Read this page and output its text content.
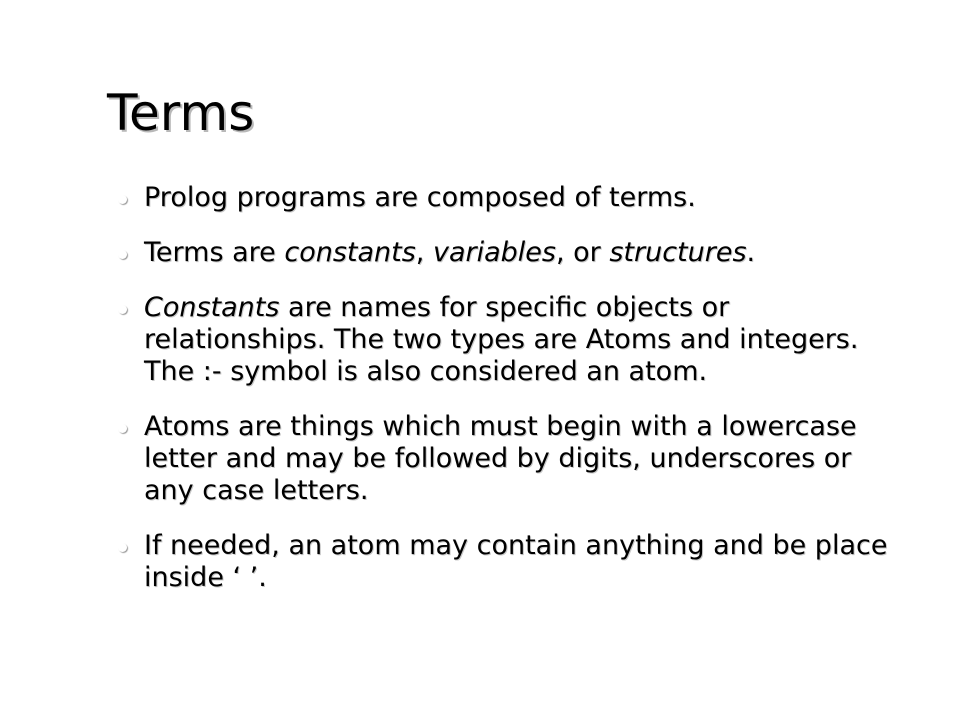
Terms
Prolog programs are composed of terms.
Terms are constants, variables, or structures.
Constants are names for specific objects or relationships. The two types are Atoms and integers. The :- symbol is also considered an atom.
Atoms are things which must begin with a lowercase letter and may be followed by digits, underscores or any case letters.
If needed, an atom may contain anything and be place inside ‘ ’.
